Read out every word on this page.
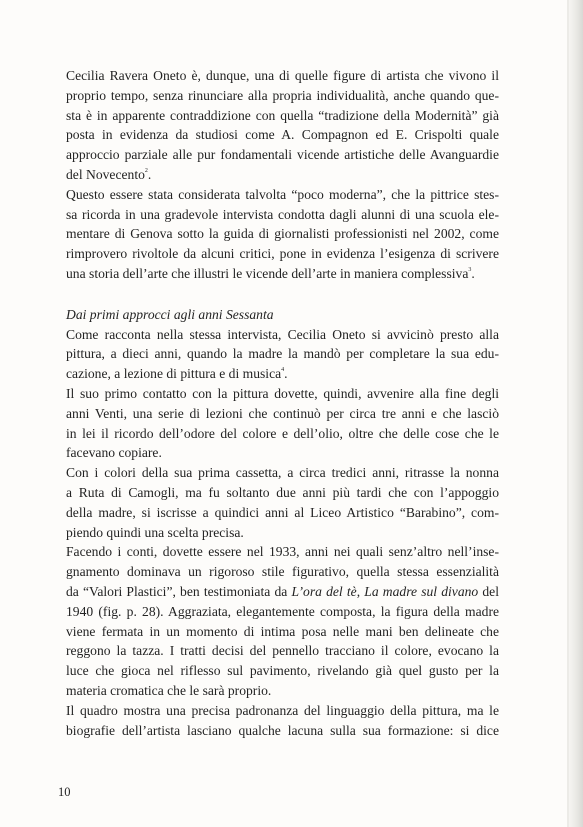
Cecilia Ravera Oneto è, dunque, una di quelle figure di artista che vivono il
proprio tempo, senza rinunciare alla propria individualità, anche quando que-
sta è in apparente contraddizione con quella “tradizione della Modernità” già
posta in evidenza da studiosi come A. Compagnon ed E. Crispolti quale
approccio parziale alle pur fondamentali vicende artistiche delle Avanguardie
del Novecento$^2$.

Questo essere stata considerata talvolta “poco moderna”, che la pittrice stes-
sa ricorda in una gradevole intervista condotta dagli alunni di una scuola ele-
mentare di Genova sotto la guida di giornalisti professionisti nel 2002, come
rimprovero rivoltole da alcuni critici, pone in evidenza l’esigenza di scrivere
una storia dell’arte che illustri le vicende dell’arte in maniera complessiva$^3$.

Dai primi approcci agli anni Sessanta

Come racconta nella stessa intervista, Cecilia Oneto si avvicinò presto alla
pittura, a dieci anni, quando la madre la mandò per completare la sua edu-
cazione, a lezione di pittura e di musica$^4$.

Il suo primo contatto con la pittura dovette, quindi, avvenire alla fine degli
anni Venti, una serie di lezioni che continuò per circa tre anni e che lasciò
in lei il ricordo dell’odore del colore e dell’olio, oltre che delle cose che le
facevano copiare.

Con i colori della sua prima cassetta, a circa tredici anni, ritrasse la nonna
a Ruta di Camogli, ma fu soltanto due anni più tardi che con l’appoggio
della madre, si iscrisse a quindici anni al Liceo Artistico “Barabino”, com-
piendo quindi una scelta precisa.

Facendo i conti, dovette essere nel 1933, anni nei quali senz’altro nell’inse-
gnamento dominava un rigoroso stile figurativo, quella stessa essenzialità
da “Valori Plastici”, ben testimoniata da L’ora del tè, La madre sul divano del
1940 (fig. p. 28). Aggraziata, elegantemente composta, la figura della madre
viene fermata in un momento di intima posa nelle mani ben delineate che
reggono la tazza. I tratti decisi del pennello tracciano il colore, evocano la
luce che gioca nel riflesso sul pavimento, rivelando già quel gusto per la
materia cromatica che le sarà proprio.

Il quadro mostra una precisa padronanza del linguaggio della pittura, ma le
biografie dell’artista lasciano qualche lacuna sulla sua formazione: si dice

10
